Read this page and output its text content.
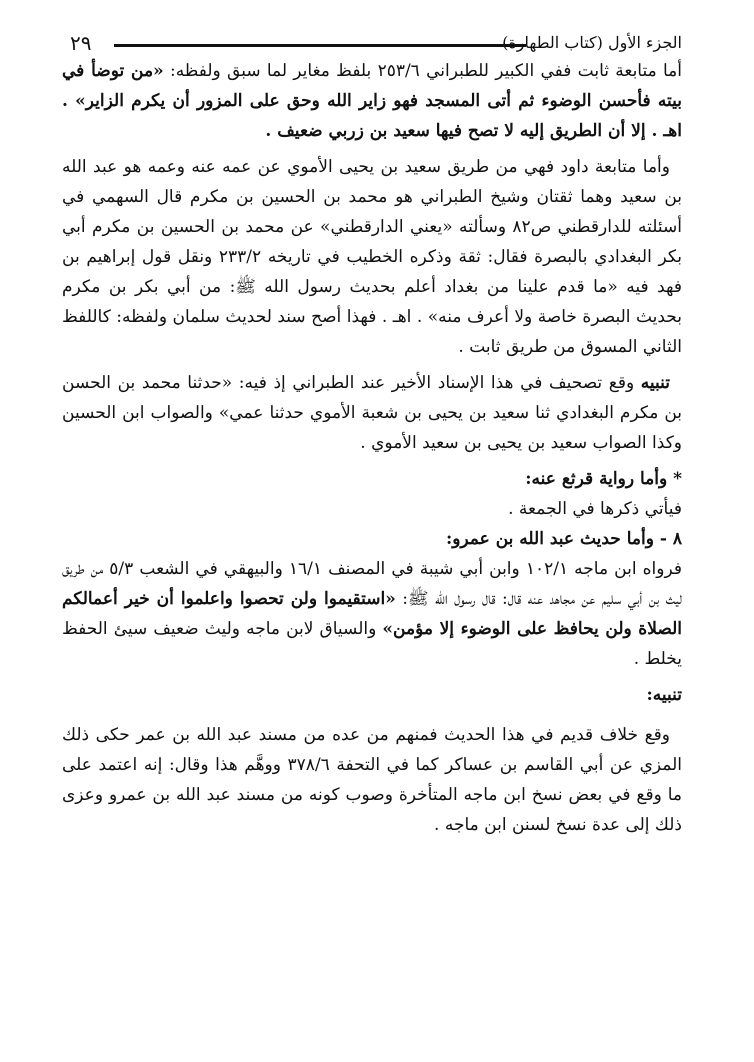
٢٩	الجزء الأول (كتاب الطهارة)

أما متابعة ثابت ففي الكبير للطبراني ٢٥٣/٦ بلفظ مغاير لما سبق ولفظه: «من توضأ في بيته فأحسن الوضوء ثم أتى المسجد فهو زاير الله وحق على المزور أن يكرم الزاير» . اهـ . إلا أن الطريق إليه لا تصح فيها سعيد بن زربي ضعيف .

وأما متابعة داود فهي من طريق سعيد بن يحيى الأموي عن عمه عنه وعمه هو عبد الله بن سعيد وهما ثقتان وشيخ الطبراني هو محمد بن الحسين بن مكرم قال السهمي في أسئلته للدارقطني ص٨٢ وسألته «يعني الدارقطني» عن محمد بن الحسين بن مكرم أبي بكر البغدادي بالبصرة فقال: ثقة وذكره الخطيب في تاريخه ٢٣٣/٢ ونقل قول إبراهيم بن فهد فيه «ما قدم علينا من بغداد أعلم بحديث رسول الله ﷺ: من أبي بكر بن مكرم بحديث البصرة خاصة ولا أعرف منه» . اهـ . فهذا أصح سند لحديث سلمان ولفظه: كاللفظ الثاني المسوق من طريق ثابت .

تنبيه وقع تصحيف في هذا الإسناد الأخير عند الطبراني إذ فيه: «حدثنا محمد بن الحسن بن مكرم البغدادي ثنا سعيد بن يحيى بن شعبة الأموي حدثنا عمي» والصواب ابن الحسين وكذا الصواب سعيد بن يحيى بن سعيد الأموي .

* وأما رواية قرثع عنه:

فيأتي ذكرها في الجمعة .

٨ - وأما حديث عبد الله بن عمرو:

فرواه ابن ماجه ١٠٢/١ وابن أبي شيبة في المصنف ١٦/١ والبيهقي في الشعب ٥/٣ من طريق ليث بن أبي سليم عن مجاهد عنه قال: قال رسول الله ﷺ: «استقيموا ولن تحصوا واعلموا أن خير أعمالكم الصلاة ولن يحافظ على الوضوء إلا مؤمن» والسياق لابن ماجه وليث ضعيف سيئ الحفظ يخلط .

تنبيه:

وقع خلاف قديم في هذا الحديث فمنهم من عده من مسند عبد الله بن عمر حكى ذلك المزي عن أبي القاسم بن عساكر كما في التحفة ٣٧٨/٦ ووهَّم هذا وقال: إنه اعتمد على ما وقع في بعض نسخ ابن ماجه المتأخرة وصوب كونه من مسند عبد الله بن عمرو وعزى ذلك إلى عدة نسخ لسنن ابن ماجه .
